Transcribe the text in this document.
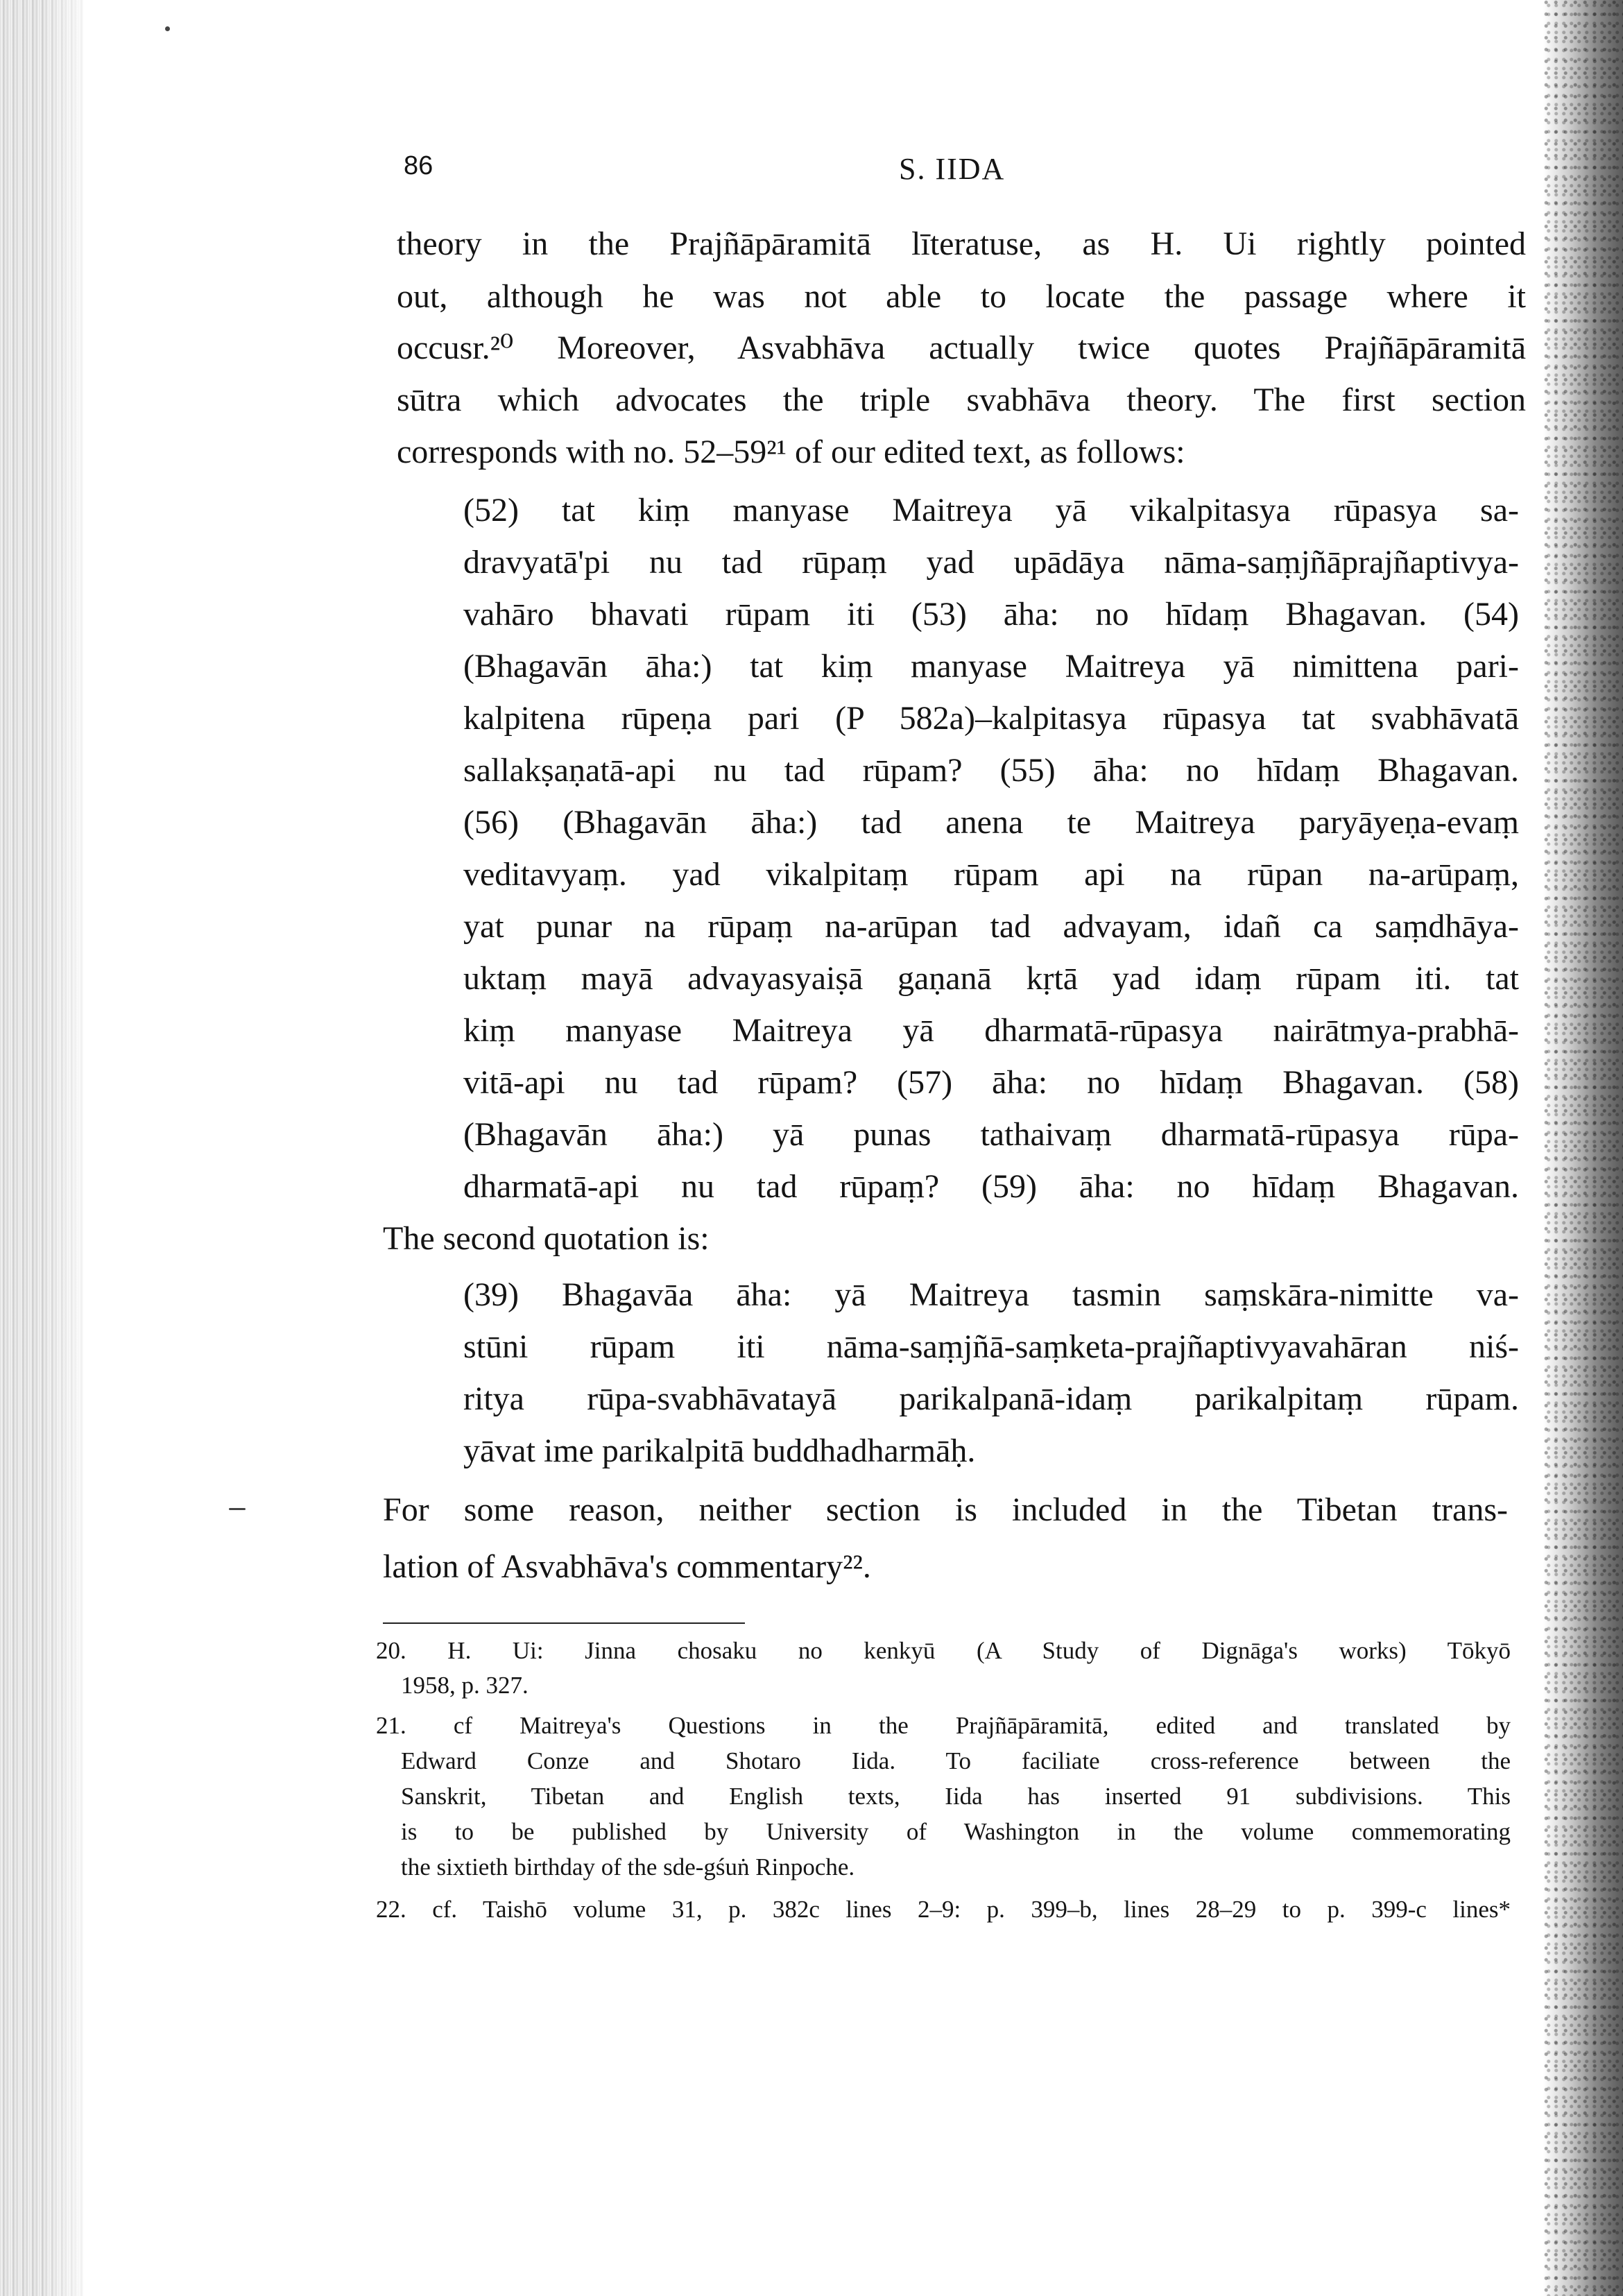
86	S. IIDA
theory in the Prajñāpāramitā līteratuse, as H. Ui rightly pointed
out, although he was not able to locate the passage where it
occusr.²⁰ Moreover, Asvabhāva actually twice quotes Prajñāpāramitā
sūtra which advocates the triple svabhāva theory. The first section
corresponds with no. 52–59²¹ of our edited text, as follows:
(52) tat kiṃ manyase Maitreya yā vikalpitasya rūpasya sa-
dravyatā'pi nu tad rūpaṃ yad upādāya nāma-saṃjñāprajñaptivya-
vahāro bhavati rūpam iti (53) āha: no hīdaṃ Bhagavan. (54)
(Bhagavān āha:) tat kiṃ manyase Maitreya yā nimittena pari-
kalpitena rūpeṇa pari (P 582a)–kalpitasya rūpasya tat svabhāvatā
sallakṣaṇatā-api nu tad rūpam? (55) āha: no hīdaṃ Bhagavan.
(56) (Bhagavān āha:) tad anena te Maitreya paryāyeṇa-evaṃ
veditavyaṃ. yad vikalpitaṃ rūpam api na rūpan na-arūpaṃ,
yat punar na rūpaṃ na-arūpan tad advayam, idañ ca saṃdhāya-
uktaṃ mayā advayasyaiṣā gaṇanā kṛtā yad idaṃ rūpam iti. tat
kiṃ manyase Maitreya yā dharmatā-rūpasya nairātmya-prabhā-
vitā-api nu tad rūpam? (57) āha: no hīdaṃ Bhagavan. (58)
(Bhagavān āha:) yā punas tathaivaṃ dharmatā-rūpasya rūpa-
dharmatā-api nu tad rūpaṃ? (59) āha: no hīdaṃ Bhagavan.
The second quotation is:
(39) Bhagavāa āha: yā Maitreya tasmin saṃskāra-nimitte va-
stūni rūpam iti nāma-saṃjñā-saṃketa-prajñaptivyavahāran niś-
ritya rūpa-svabhāvatayā parikalpanā-idaṃ parikalpitaṃ rūpam.
yāvat ime parikalpitā buddhadharmāḥ.
For some reason, neither section is included in the Tibetan trans-
lation of Asvabhāva's commentary²².
20. H. Ui: Jinna chosaku no kenkyū (A Study of Dignāga's works) Tōkyō
1958, p. 327.
21. cf Maitreya's Questions in the Prajñāpāramitā, edited and translated by
Edward Conze and Shotaro Iida. To faciliate cross-reference between the
Sanskrit, Tibetan and English texts, Iida has inserted 91 subdivisions. This
is to be published by University of Washington in the volume commemorating
the sixtieth birthday of the sde-gśuṅ Rinpoche.
22. cf. Taishō volume 31, p. 382c lines 2–9: p. 399–b, lines 28–29 to p. 399-c lines*
